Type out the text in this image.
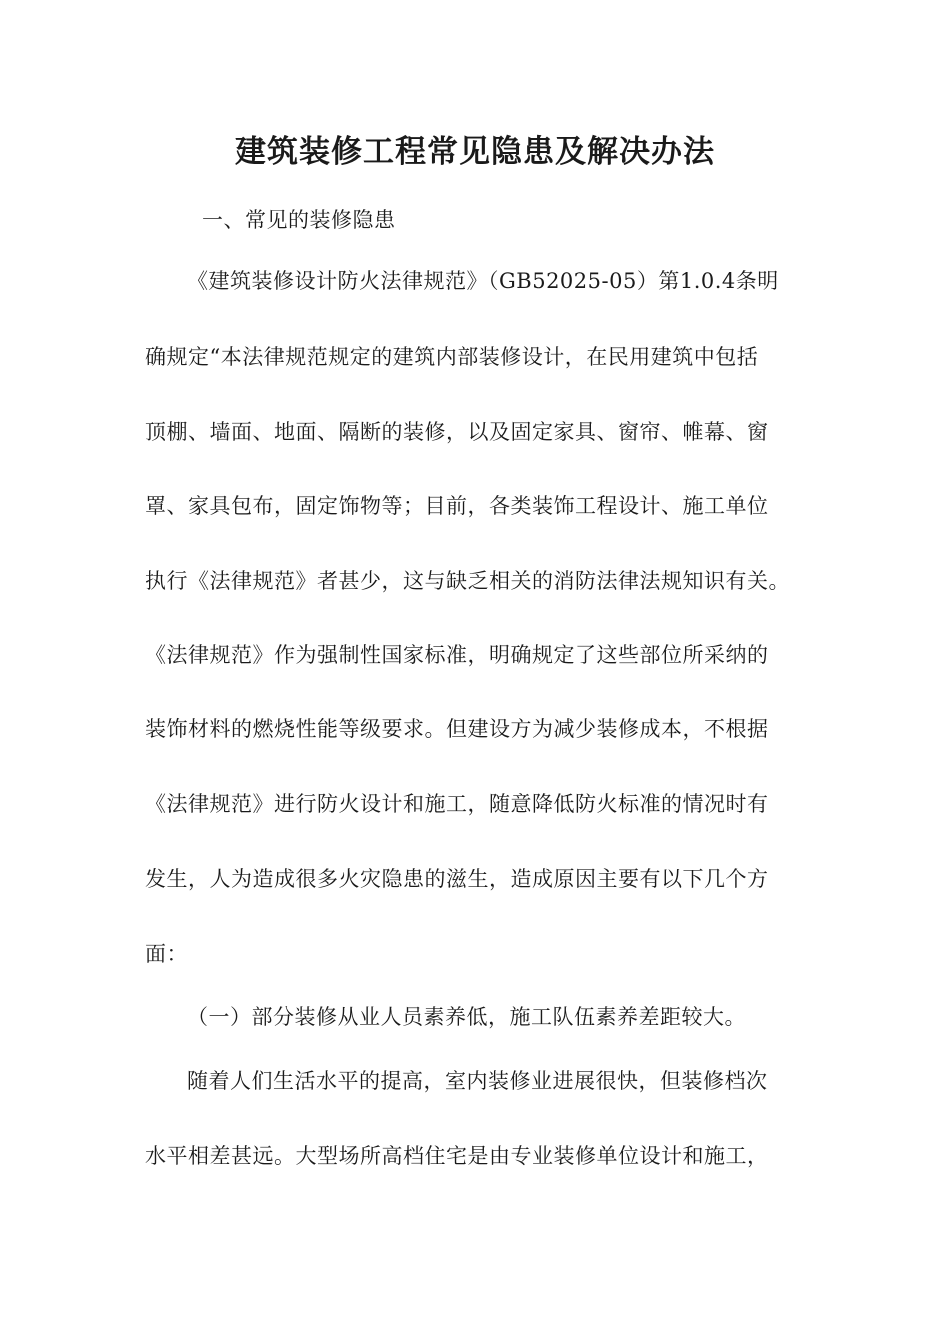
建筑装修工程常见隐患及解决办法
一、常见的装修隐患
《建筑装修设计防火法律规范》（GB52025-05）第1.0.4条明
确规定“本法律规范规定的建筑内部装修设计，在民用建筑中包括
顶棚、墙面、地面、隔断的装修，以及固定家具、窗帘、帷幕、窗
罩、家具包布，固定饰物等；目前，各类装饰工程设计、施工单位
执行《法律规范》者甚少，这与缺乏相关的消防法律法规知识有关。
《法律规范》作为强制性国家标准，明确规定了这些部位所采纳的
装饰材料的燃烧性能等级要求。但建设方为减少装修成本，不根据
《法律规范》进行防火设计和施工，随意降低防火标准的情况时有
发生，人为造成很多火灾隐患的滋生，造成原因主要有以下几个方
面：
（一）部分装修从业人员素养低，施工队伍素养差距较大。
随着人们生活水平的提高，室内装修业进展很快，但装修档次
水平相差甚远。大型场所高档住宅是由专业装修单位设计和施工，
